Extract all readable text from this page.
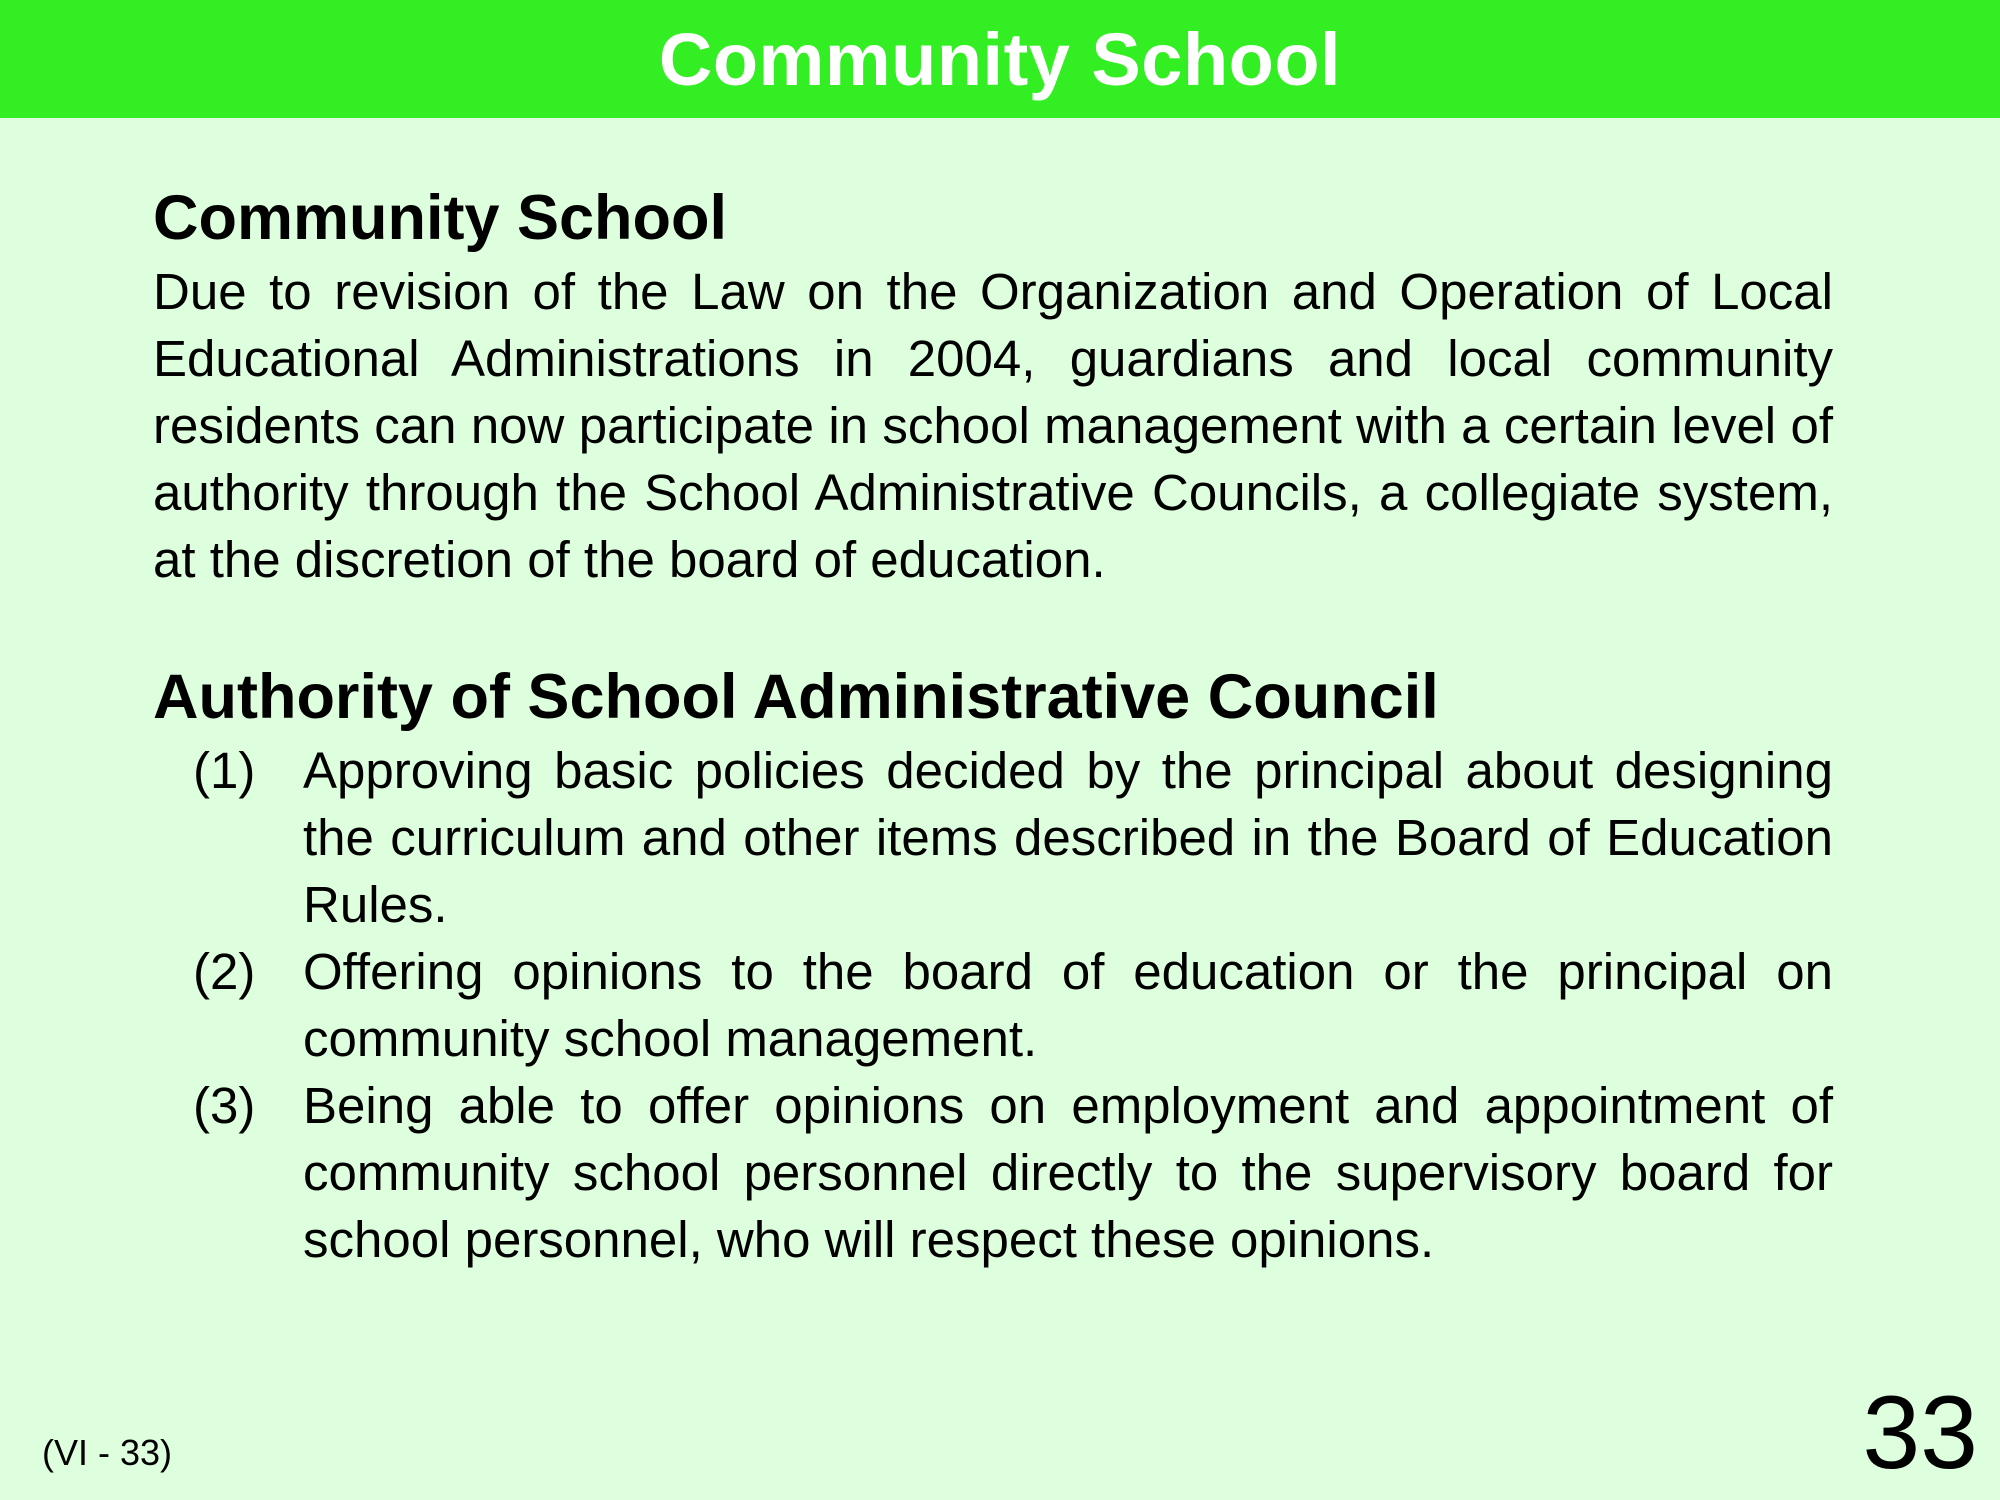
Community School
Community School

Due to revision of the Law on the Organization and Operation of Local Educational Administrations in 2004, guardians and local community residents can now participate in school management with a certain level of authority through the School Administrative Councils, a collegiate system, at the discretion of the board of education.

Authority of School Administrative Council
(1) Approving basic policies decided by the principal about designing the curriculum and other items described in the Board of Education Rules.
(2) Offering opinions to the board of education or the principal on community school management.
(3) Being able to offer opinions on employment and appointment of community school personnel directly to the supervisory board for school personnel, who will respect these opinions.
(VI - 33)	33
